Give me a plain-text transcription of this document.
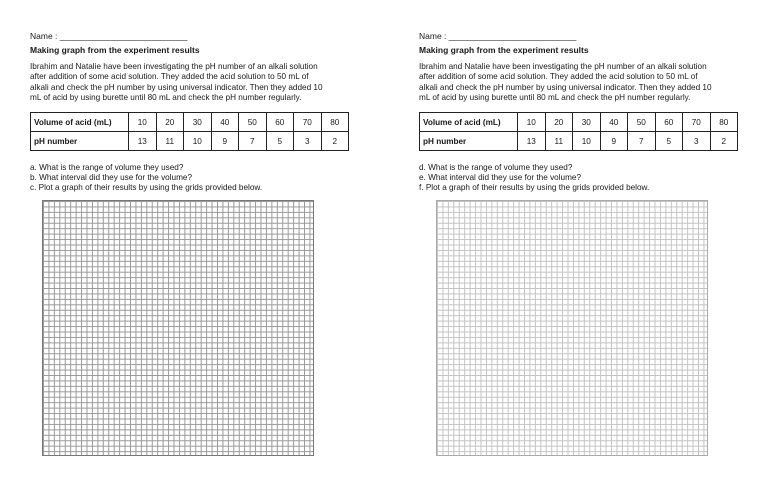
Name : ___________________________
Making graph from the experiment results

Ibrahim and Natalie have been investigating the pH number of an alkali solution
after addition of some acid solution. They added the acid solution to 50 mL of
alkali and check the pH number by using universal indicator. Then they added 10
mL of acid by using burette until 80 mL and check the pH number regularly.

Volume of acid (mL)	10	20	30	40	50	60	70	80
pH number	13	11	10	9	7	5	3	2
a. What is the range of volume they used?
b. What interval did they use for the volume?
c. Plot a graph of their results by using the grids provided below.
Name : ___________________________
Making graph from the experiment results

Ibrahim and Natalie have been investigating the pH number of an alkali solution
after addition of some acid solution. They added the acid solution to 50 mL of
alkali and check the pH number by using universal indicator. Then they added 10
mL of acid by using burette until 80 mL and check the pH number regularly.

Volume of acid (mL)	10	20	30	40	50	60	70	80
pH number	13	11	10	9	7	5	3	2
d. What is the range of volume they used?
e. What interval did they use for the volume?
f. Plot a graph of their results by using the grids provided below.
